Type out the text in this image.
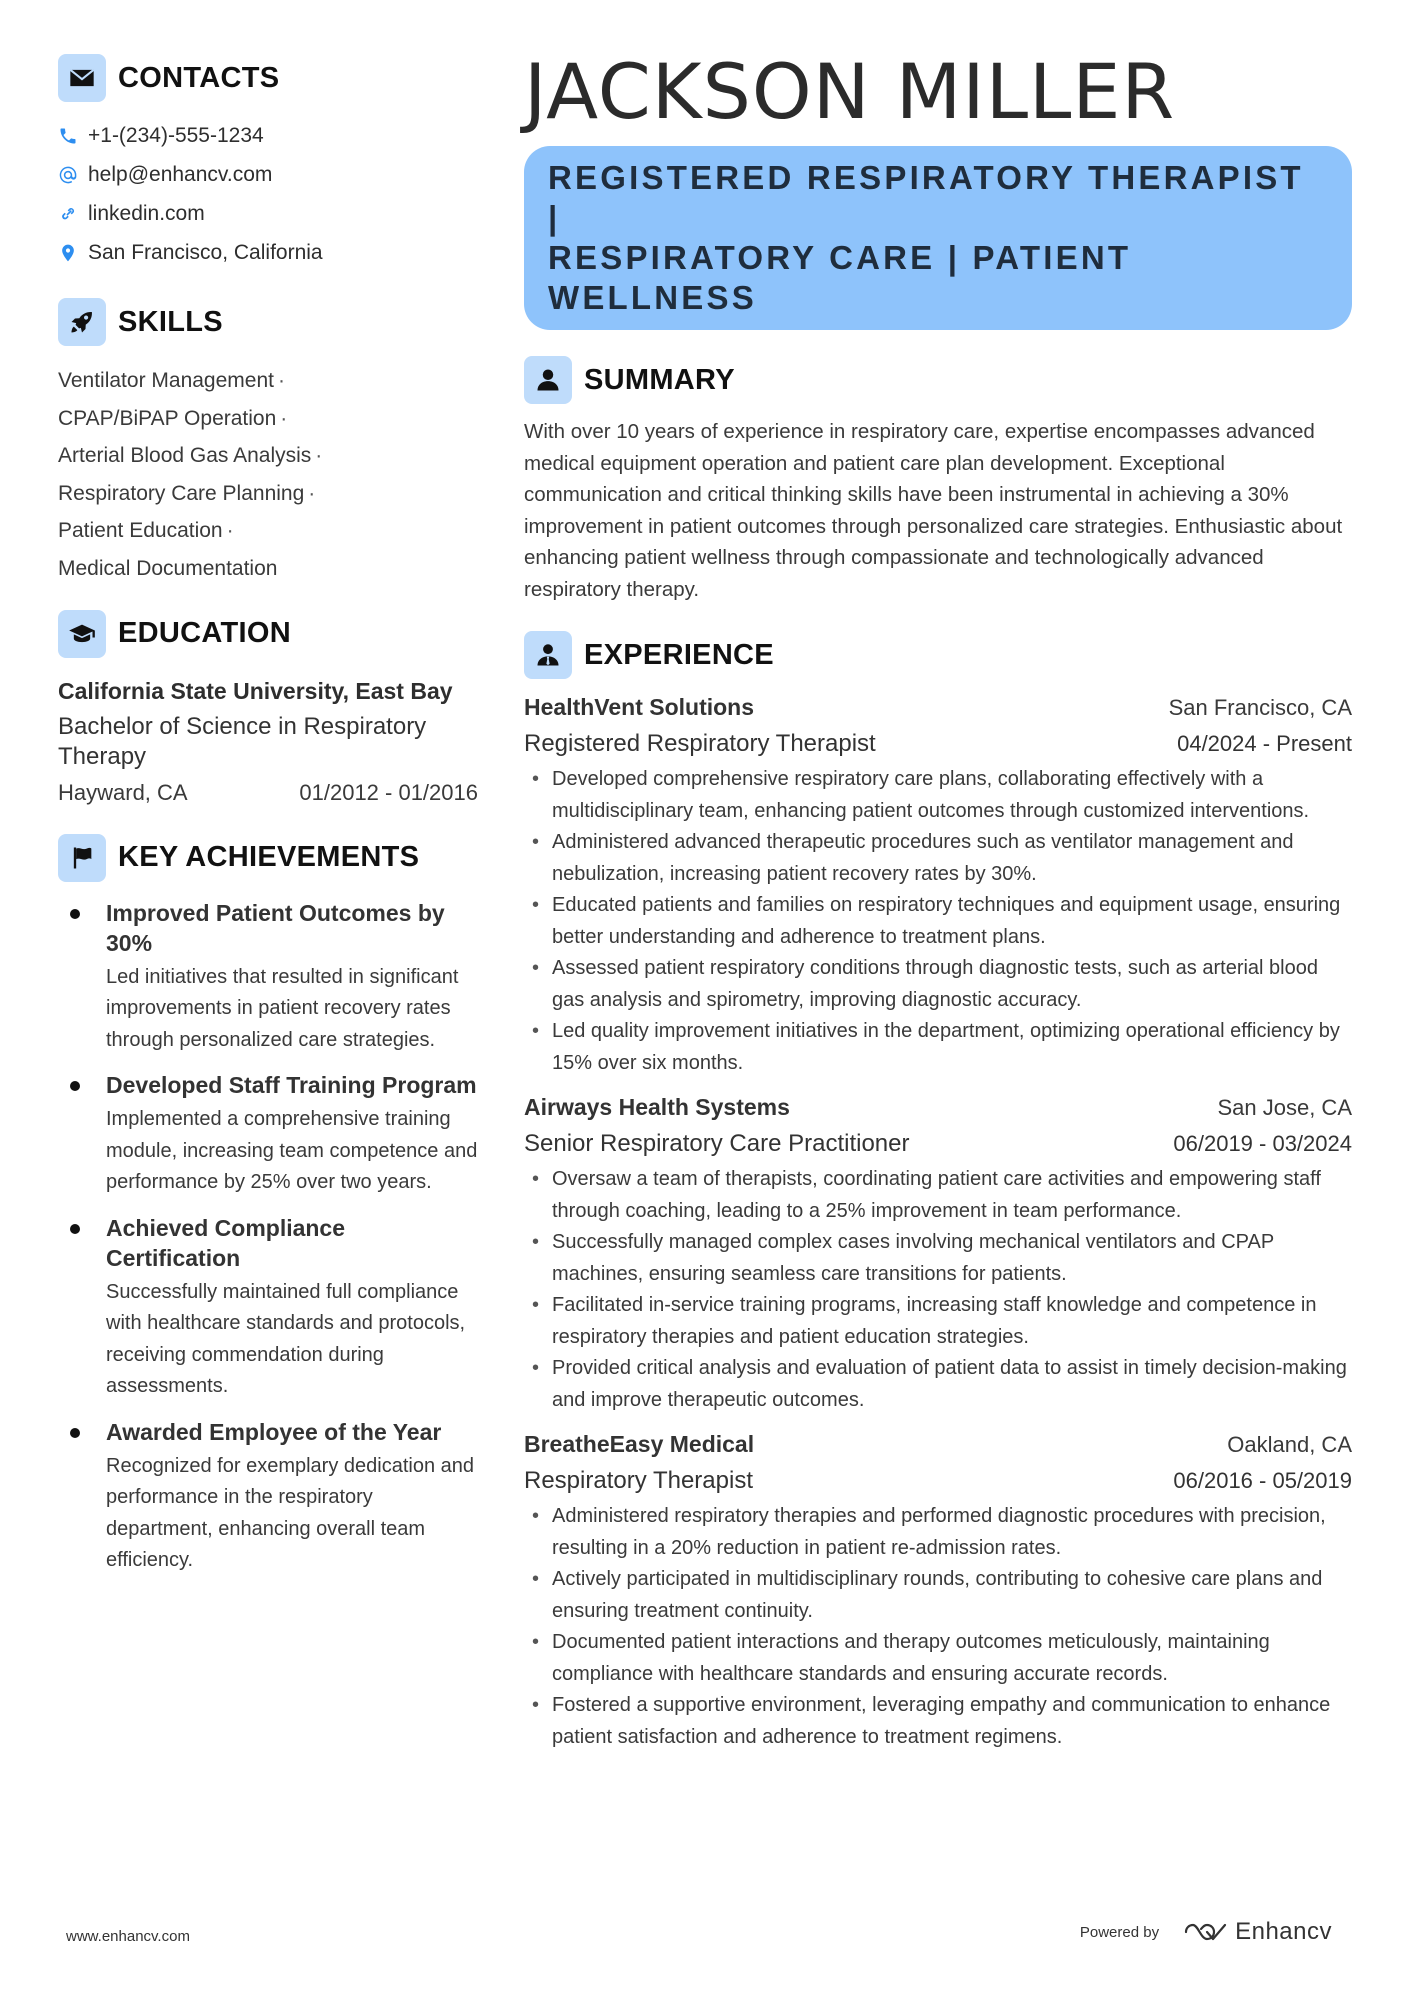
CONTACTS
+1-(234)-555-1234
help@enhancv.com
linkedin.com
San Francisco, California
SKILLS
Ventilator Management ·
CPAP/BiPAP Operation ·
Arterial Blood Gas Analysis ·
Respiratory Care Planning ·
Patient Education ·
Medical Documentation
EDUCATION
California State University, East Bay
Bachelor of Science in Respiratory Therapy
Hayward, CA	01/2012 - 01/2016
KEY ACHIEVEMENTS
Improved Patient Outcomes by 30%
Led initiatives that resulted in significant improvements in patient recovery rates through personalized care strategies.
Developed Staff Training Program
Implemented a comprehensive training module, increasing team competence and performance by 25% over two years.
Achieved Compliance Certification
Successfully maintained full compliance with healthcare standards and protocols, receiving commendation during assessments.
Awarded Employee of the Year
Recognized for exemplary dedication and performance in the respiratory department, enhancing overall team efficiency.
JACKSON MILLER
REGISTERED RESPIRATORY THERAPIST |
RESPIRATORY CARE | PATIENT WELLNESS
SUMMARY
With over 10 years of experience in respiratory care, expertise encompasses advanced medical equipment operation and patient care plan development. Exceptional communication and critical thinking skills have been instrumental in achieving a 30% improvement in patient outcomes through personalized care strategies. Enthusiastic about enhancing patient wellness through compassionate and technologically advanced respiratory therapy.
EXPERIENCE
HealthVent Solutions	San Francisco, CA
Registered Respiratory Therapist	04/2024 - Present
• Developed comprehensive respiratory care plans, collaborating effectively with a multidisciplinary team, enhancing patient outcomes through customized interventions.
• Administered advanced therapeutic procedures such as ventilator management and nebulization, increasing patient recovery rates by 30%.
• Educated patients and families on respiratory techniques and equipment usage, ensuring better understanding and adherence to treatment plans.
• Assessed patient respiratory conditions through diagnostic tests, such as arterial blood gas analysis and spirometry, improving diagnostic accuracy.
• Led quality improvement initiatives in the department, optimizing operational efficiency by 15% over six months.
Airways Health Systems	San Jose, CA
Senior Respiratory Care Practitioner	06/2019 - 03/2024
• Oversaw a team of therapists, coordinating patient care activities and empowering staff through coaching, leading to a 25% improvement in team performance.
• Successfully managed complex cases involving mechanical ventilators and CPAP machines, ensuring seamless care transitions for patients.
• Facilitated in-service training programs, increasing staff knowledge and competence in respiratory therapies and patient education strategies.
• Provided critical analysis and evaluation of patient data to assist in timely decision-making and improve therapeutic outcomes.
BreatheEasy Medical	Oakland, CA
Respiratory Therapist	06/2016 - 05/2019
• Administered respiratory therapies and performed diagnostic procedures with precision, resulting in a 20% reduction in patient re-admission rates.
• Actively participated in multidisciplinary rounds, contributing to cohesive care plans and ensuring treatment continuity.
• Documented patient interactions and therapy outcomes meticulously, maintaining compliance with healthcare standards and ensuring accurate records.
• Fostered a supportive environment, leveraging empathy and communication to enhance patient satisfaction and adherence to treatment regimens.
www.enhancv.com	Powered by	Enhancv
